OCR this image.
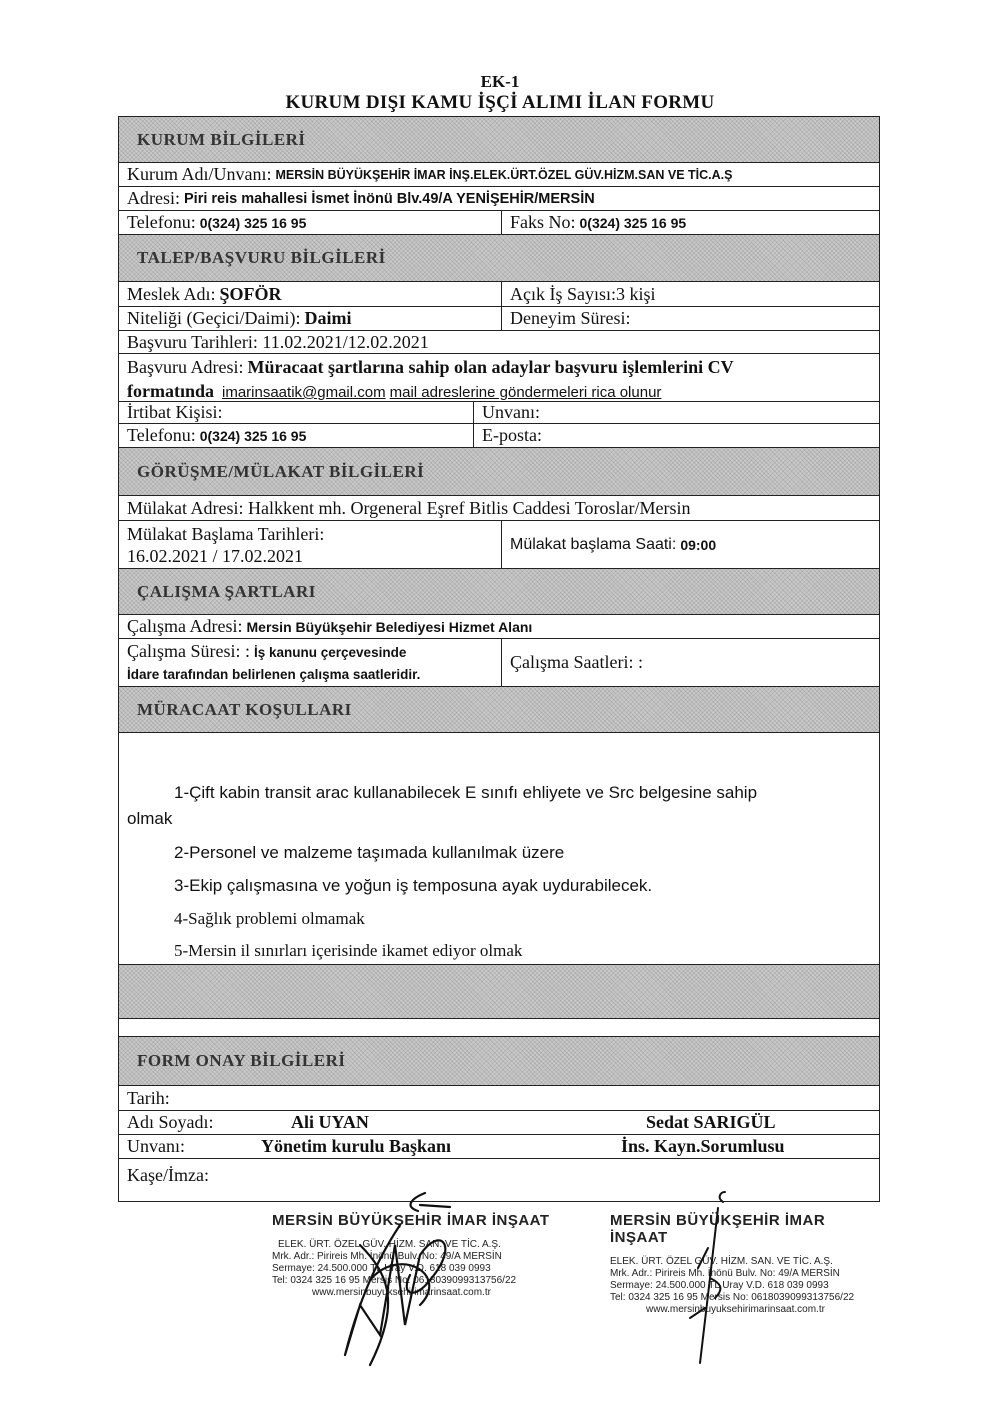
EK-1
KURUM DIŞI KAMU İŞÇİ ALIMI İLAN FORMU
KURUM BİLGİLERİ
Kurum Adı/Unvanı: MERSİN BÜYÜKŞEHİR İMAR İNŞ.ELEK.ÜRT.ÖZEL GÜV.HİZM.SAN VE TİC.A.Ş
Adresi: Piri reis mahallesi İsmet İnönü Blv.49/A YENİŞEHİR/MERSİN
Telefonu: 0(324) 325 16 95	Faks No: 0(324) 325 16 95
TALEP/BAŞVURU BİLGİLERİ
Meslek Adı: ŞOFÖR	Açık İş Sayısı:3 kişi
Niteliği (Geçici/Daimi): Daimi	Deneyim Süresi:
Başvuru Tarihleri: 11.02.2021/12.02.2021
Başvuru Adresi: Müracaat şartlarına sahip olan adaylar başvuru işlemlerini CV
formatında imarinsaatik@gmail.com mail adreslerine göndermeleri rica olunur
İrtibat Kişisi:	Unvanı:
Telefonu: 0(324) 325 16 95	E-posta:
GÖRÜŞME/MÜLAKAT BİLGİLERİ
Mülakat Adresi: Halkkent mh. Orgeneral Eşref Bitlis Caddesi Toroslar/Mersin
Mülakat Başlama Tarihleri:
16.02.2021 / 17.02.2021
Mülakat başlama Saati: 09:00
ÇALIŞMA ŞARTLARI
Çalışma Adresi: Mersin Büyükşehir Belediyesi Hizmet Alanı
Çalışma Süresi: : İş kanunu çerçevesinde
İdare tarafından belirlenen çalışma saatleridir.
Çalışma Saatleri: :
MÜRACAAT KOŞULLARI
1-Çift kabin transit arac kullanabilecek E sınıfı ehliyete ve Src belgesine sahip
olmak
2-Personel ve malzeme taşımada kullanılmak üzere
3-Ekip çalışmasına ve yoğun iş temposuna ayak uydurabilecek.
4-Sağlık problemi olmamak
5-Mersin il sınırları içerisinde ikamet ediyor olmak
FORM ONAY BİLGİLERİ
Tarih:
Adı Soyadı:	Ali UYAN	Sedat SARIGÜL
Unvanı:	Yönetim kurulu Başkanı	İns. Kayn.Sorumlusu
Kaşe/İmza:
MERSİN BÜYÜKŞEHİR İMAR İNŞAAT
ELEK. ÜRT. ÖZEL GÜV. HİZM. SAN. VE TİC. A.Ş.
Mrk. Adr.: Pirireis Mh. İnönü Bulv. No: 49/A MERSİN
Sermaye: 24.500.000 TL Uray V.D. 618 039 0993
Tel: 0324 325 16 95 Mersis No: 0618039099313756/22
www.mersinbuyuksehirimarinsaat.com.tr
MERSİN BÜYÜKŞEHİR İMAR İNŞAAT
ELEK. ÜRT. ÖZEL GÜV. HİZM. SAN. VE TİC. A.Ş.
Mrk. Adr.: Pirireis Mh. İnönü Bulv. No: 49/A MERSİN
Sermaye: 24.500.000 TL Uray V.D. 618 039 0993
Tel: 0324 325 16 95 Mersis No: 0618039099313756/22
www.mersinbuyuksehirimarinsaat.com.tr
